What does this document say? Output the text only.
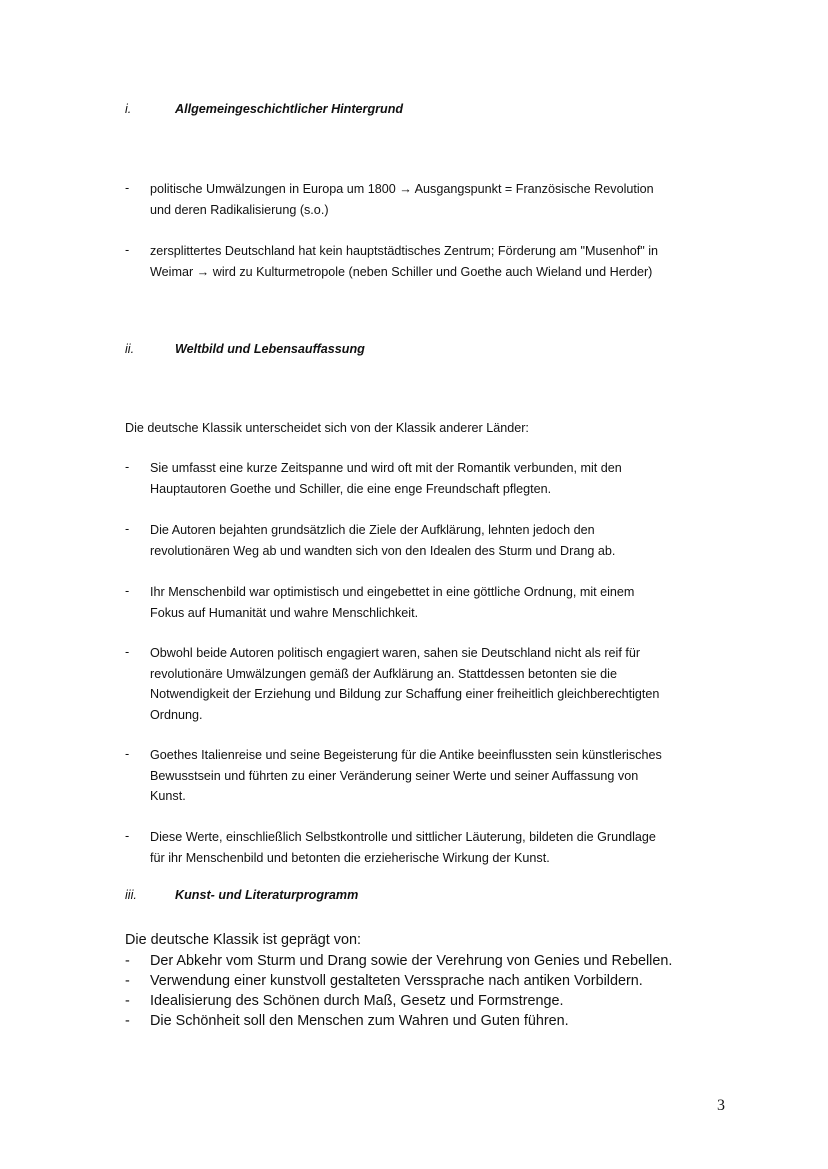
i.	Allgemeingeschichtlicher Hintergrund
- politische Umwälzungen in Europa um 1800 → Ausgangspunkt = Französische Revolution
und deren Radikalisierung (s.o.)
- zersplittertes Deutschland hat kein hauptstädtisches Zentrum; Förderung am "Musenhof" in
Weimar → wird zu Kulturmetropole (neben Schiller und Goethe auch Wieland und Herder)
ii.	Weltbild und Lebensauffassung
Die deutsche Klassik unterscheidet sich von der Klassik anderer Länder:
- Sie umfasst eine kurze Zeitspanne und wird oft mit der Romantik verbunden, mit den
Hauptautoren Goethe und Schiller, die eine enge Freundschaft pflegten.
- Die Autoren bejahten grundsätzlich die Ziele der Aufklärung, lehnten jedoch den
revolutionären Weg ab und wandten sich von den Idealen des Sturm und Drang ab.
- Ihr Menschenbild war optimistisch und eingebettet in eine göttliche Ordnung, mit einem
Fokus auf Humanität und wahre Menschlichkeit.
- Obwohl beide Autoren politisch engagiert waren, sahen sie Deutschland nicht als reif für
revolutionäre Umwälzungen gemäß der Aufklärung an. Stattdessen betonten sie die
Notwendigkeit der Erziehung und Bildung zur Schaffung einer freiheitlich gleichberechtigten
Ordnung.
- Goethes Italienreise und seine Begeisterung für die Antike beeinflussten sein künstlerisches
Bewusstsein und führten zu einer Veränderung seiner Werte und seiner Auffassung von
Kunst.
- Diese Werte, einschließlich Selbstkontrolle und sittlicher Läuterung, bildeten die Grundlage
für ihr Menschenbild und betonten die erzieherische Wirkung der Kunst.
iii.	Kunst- und Literaturprogramm
Die deutsche Klassik ist geprägt von:
- Der Abkehr vom Sturm und Drang sowie der Verehrung von Genies und Rebellen.
- Verwendung einer kunstvoll gestalteten Verssprache nach antiken Vorbildern.
- Idealisierung des Schönen durch Maß, Gesetz und Formstrenge.
- Die Schönheit soll den Menschen zum Wahren und Guten führen.
3
